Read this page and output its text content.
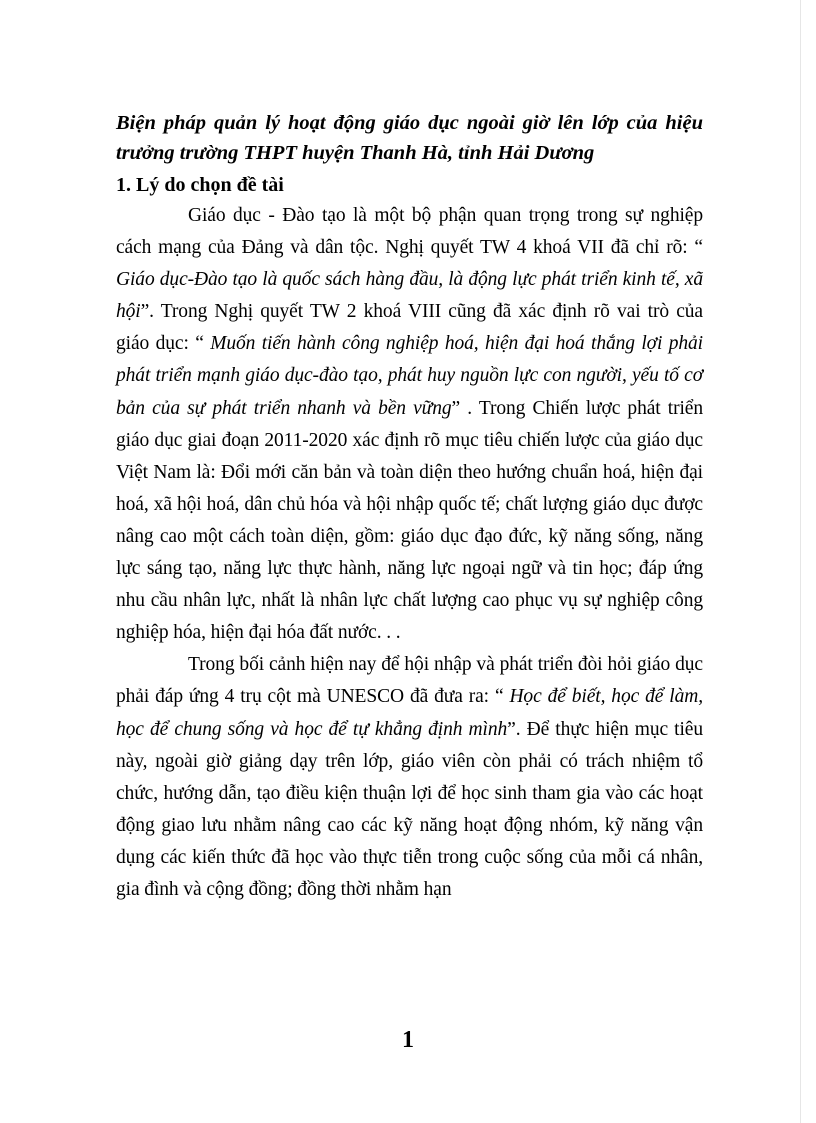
Biện pháp quản lý hoạt động giáo dục ngoài giờ lên lớp của hiệu trưởng trường THPT huyện Thanh Hà, tỉnh Hải Dương

1. Lý do chọn đề tài

Giáo dục - Đào tạo là một bộ phận quan trọng trong sự nghiệp cách mạng của Đảng và dân tộc. Nghị quyết TW 4 khoá VII đã chỉ rõ: “ Giáo dục-Đào tạo là quốc sách hàng đầu, là động lực phát triển kinh tế, xã hội”. Trong Nghị quyết TW 2 khoá VIII cũng đã xác định rõ vai trò của giáo dục: “ Muốn tiến hành công nghiệp hoá, hiện đại hoá thắng lợi phải phát triển mạnh giáo dục-đào tạo, phát huy nguồn lực con người, yếu tố cơ bản của sự phát triển nhanh và bền vững” . Trong Chiến lược phát triển giáo dục giai đoạn 2011-2020 xác định rõ mục tiêu chiến lược của giáo dục Việt Nam là: Đổi mới căn bản và toàn diện theo hướng chuẩn hoá, hiện đại hoá, xã hội hoá, dân chủ hóa và hội nhập quốc tế; chất lượng giáo dục được nâng cao một cách toàn diện, gồm: giáo dục đạo đức, kỹ năng sống, năng lực sáng tạo, năng lực thực hành, năng lực ngoại ngữ và tin học; đáp ứng nhu cầu nhân lực, nhất là nhân lực chất lượng cao phục vụ sự nghiệp công nghiệp hóa, hiện đại hóa đất nước. . .

Trong bối cảnh hiện nay để hội nhập và phát triển đòi hỏi giáo dục phải đáp ứng 4 trụ cột mà UNESCO đã đưa ra: “ Học để biết, học để làm, học để chung sống và học để tự khẳng định mình”. Để thực hiện mục tiêu này, ngoài giờ giảng dạy trên lớp, giáo viên còn phải có trách nhiệm tổ chức, hướng dẫn, tạo điều kiện thuận lợi để học sinh tham gia vào các hoạt động giao lưu nhằm nâng cao các kỹ năng hoạt động nhóm, kỹ năng vận dụng các kiến thức đã học vào thực tiễn trong cuộc sống của mỗi cá nhân, gia đình và cộng đồng; đồng thời nhằm hạn

1
